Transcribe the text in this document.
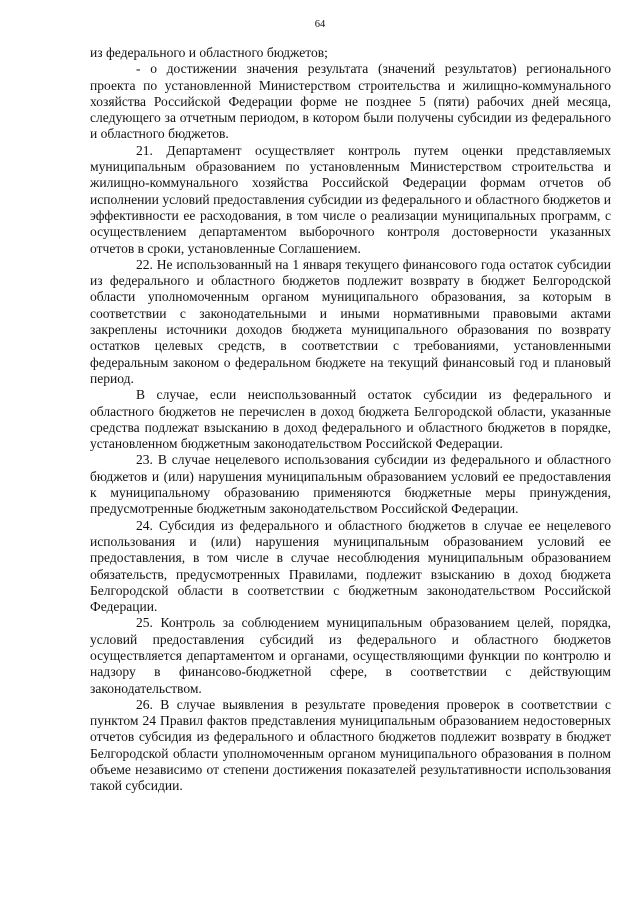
64

из федерального и областного бюджетов;

- о достижении значения результата (значений результатов) регионального проекта по установленной Министерством строительства и жилищно-коммунального хозяйства Российской Федерации форме не позднее 5 (пяти) рабочих дней месяца, следующего за отчетным периодом, в котором были получены субсидии из федерального и областного бюджетов.

21. Департамент осуществляет контроль путем оценки представляемых муниципальным образованием по установленным Министерством строительства и жилищно-коммунального хозяйства Российской Федерации формам отчетов об исполнении условий предоставления субсидии из федерального и областного бюджетов и эффективности ее расходования, в том числе о реализации муниципальных программ, с осуществлением департаментом выборочного контроля достоверности указанных отчетов в сроки, установленные Соглашением.

22. Не использованный на 1 января текущего финансового года остаток субсидии из федерального и областного бюджетов подлежит возврату в бюджет Белгородской области уполномоченным органом муниципального образования, за которым в соответствии с законодательными и иными нормативными правовыми актами закреплены источники доходов бюджета муниципального образования по возврату остатков целевых средств, в соответствии с требованиями, установленными федеральным законом о федеральном бюджете на текущий финансовый год и плановый период.

В случае, если неиспользованный остаток субсидии из федерального и областного бюджетов не перечислен в доход бюджета Белгородской области, указанные средства подлежат взысканию в доход федерального и областного бюджетов в порядке, установленном бюджетным законодательством Российской Федерации.

23. В случае нецелевого использования субсидии из федерального и областного бюджетов и (или) нарушения муниципальным образованием условий ее предоставления к муниципальному образованию применяются бюджетные меры принуждения, предусмотренные бюджетным законодательством Российской Федерации.

24. Субсидия из федерального и областного бюджетов в случае ее нецелевого использования и (или) нарушения муниципальным образованием условий ее предоставления, в том числе в случае несоблюдения муниципальным образованием обязательств, предусмотренных Правилами, подлежит взысканию в доход бюджета Белгородской области в соответствии с бюджетным законодательством Российской Федерации.

25. Контроль за соблюдением муниципальным образованием целей, порядка, условий предоставления субсидий из федерального и областного бюджетов осуществляется департаментом и органами, осуществляющими функции по контролю и надзору в финансово-бюджетной сфере, в соответствии с действующим законодательством.

26. В случае выявления в результате проведения проверок в соответствии с пунктом 24 Правил фактов представления муниципальным образованием недостоверных отчетов субсидия из федерального и областного бюджетов подлежит возврату в бюджет Белгородской области уполномоченным органом муниципального образования в полном объеме независимо от степени достижения показателей результативности использования такой субсидии.
